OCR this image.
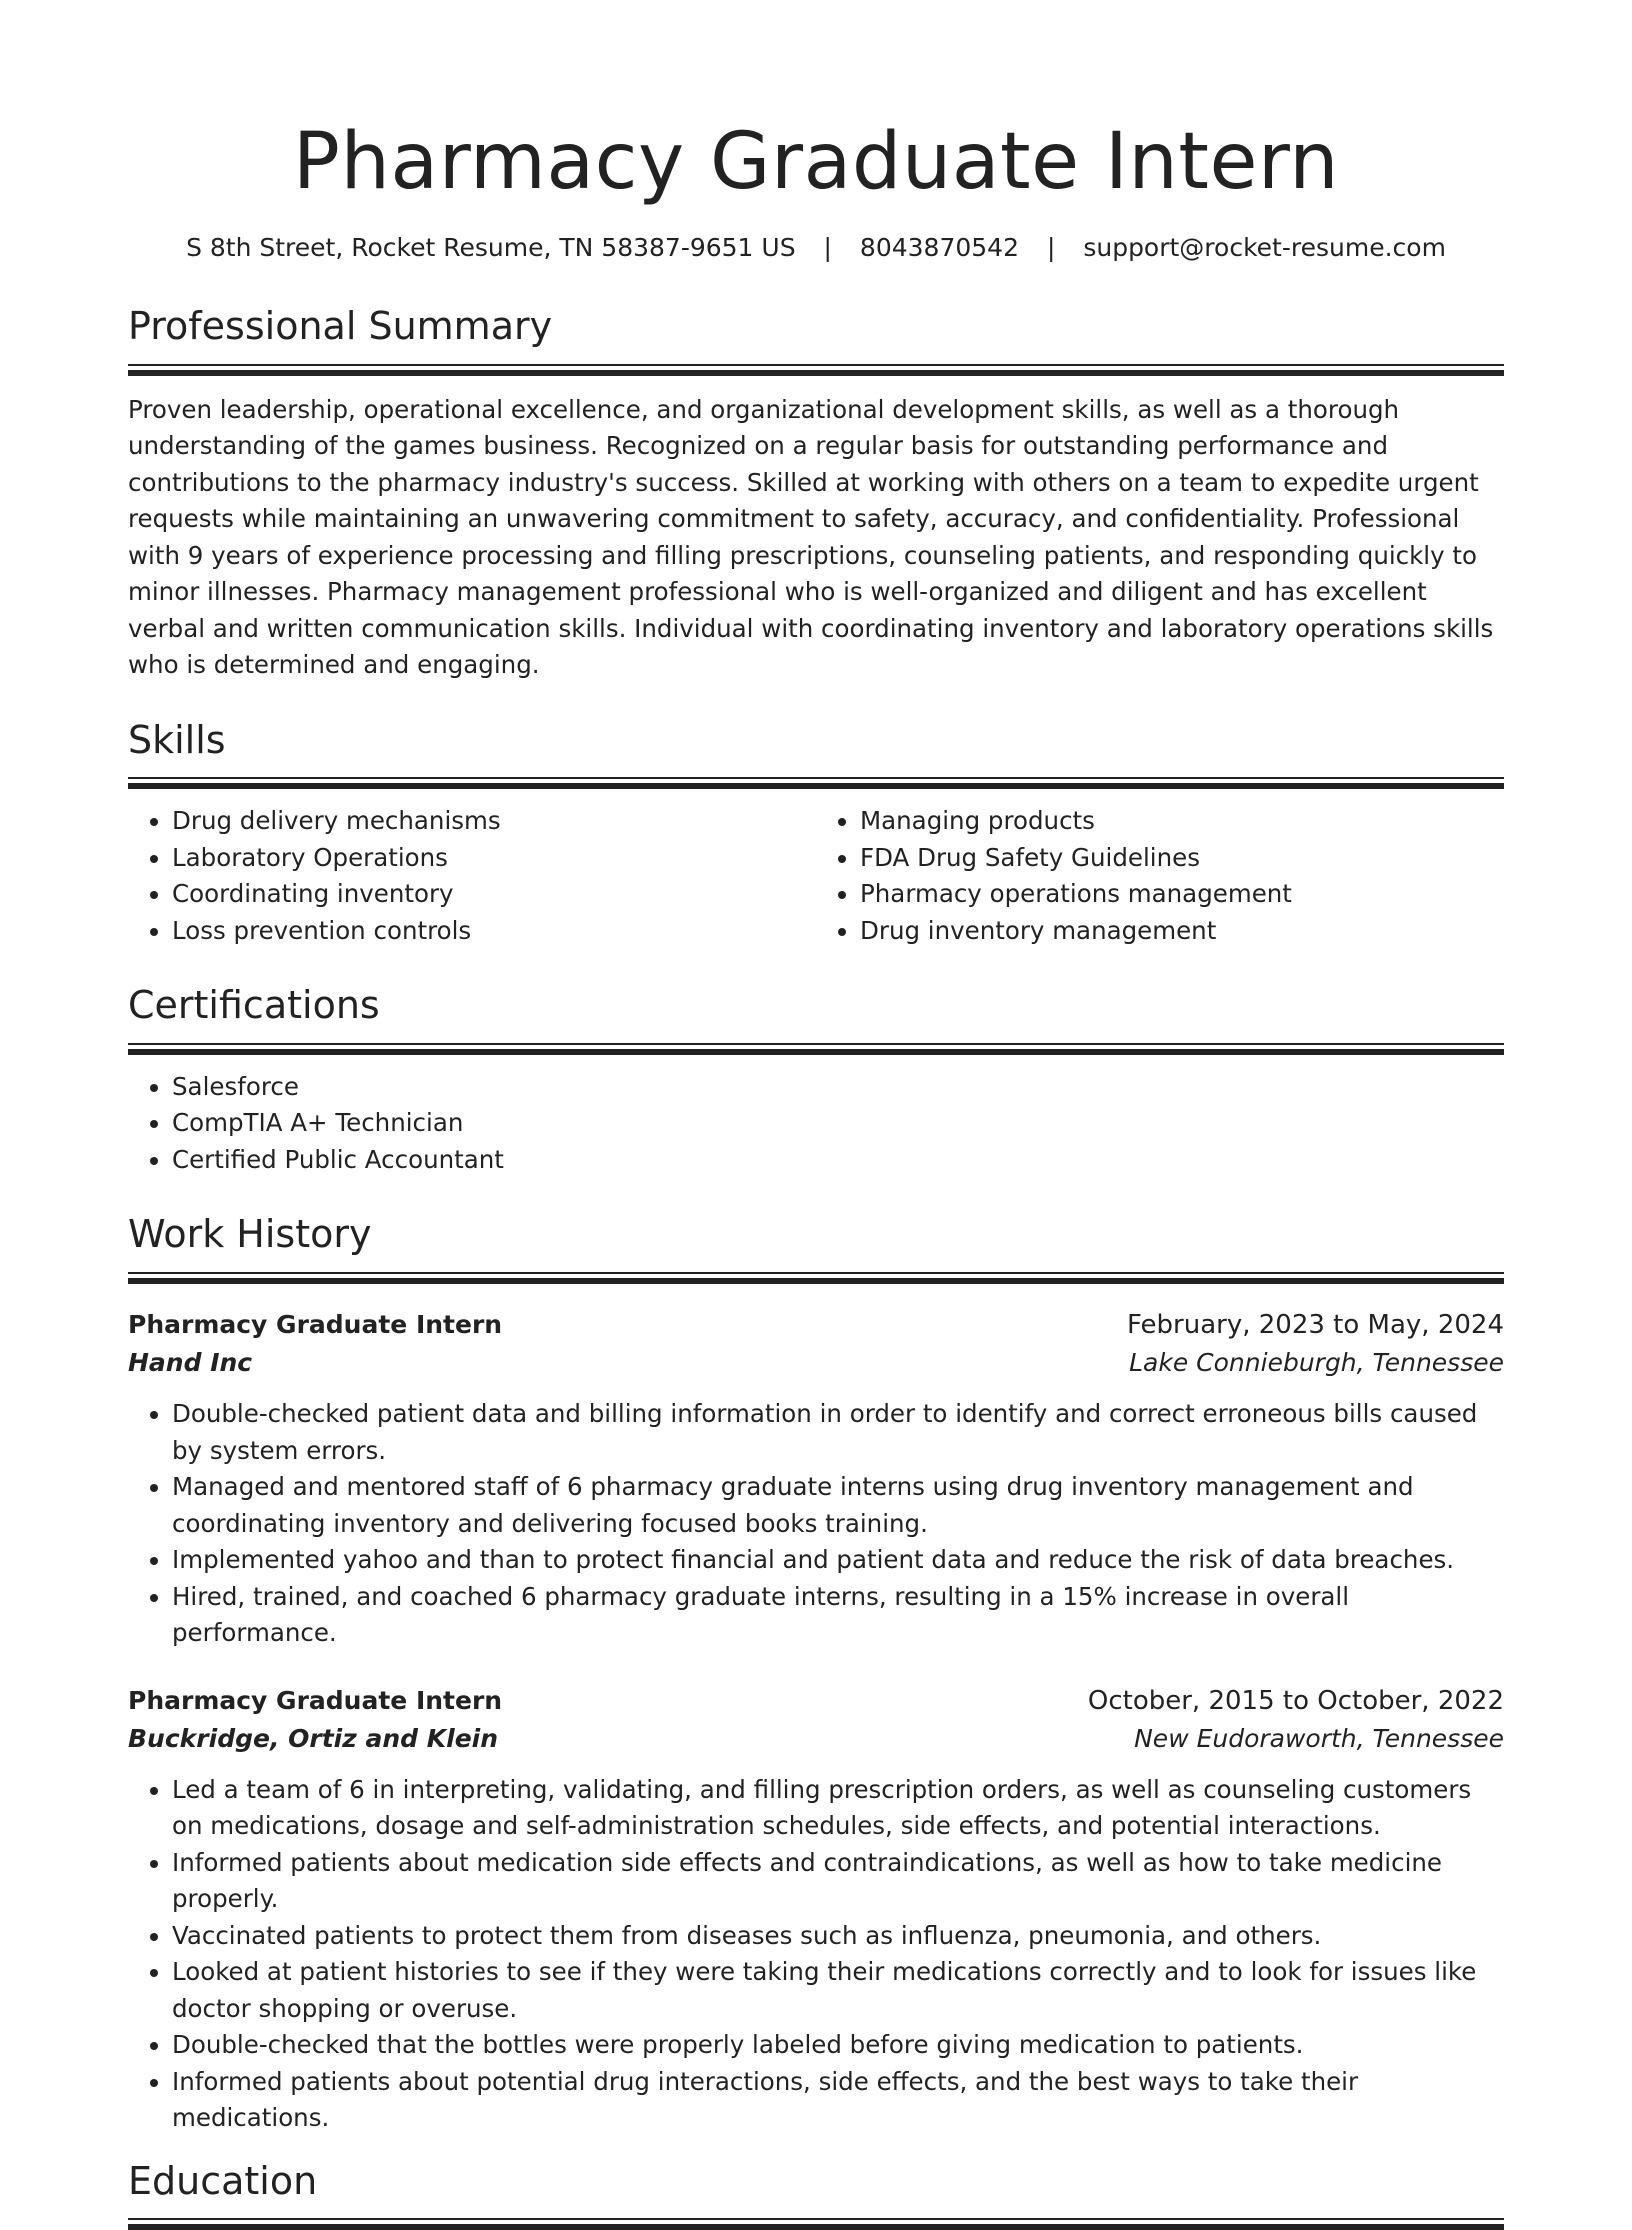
Pharmacy Graduate Intern
S 8th Street, Rocket Resume, TN 58387-9651 US | 8043870542 | support@rocket-resume.com
Professional Summary
Proven leadership, operational excellence, and organizational development skills, as well as a thorough understanding of the games business. Recognized on a regular basis for outstanding performance and contributions to the pharmacy industry's success. Skilled at working with others on a team to expedite urgent requests while maintaining an unwavering commitment to safety, accuracy, and confidentiality. Professional with 9 years of experience processing and filling prescriptions, counseling patients, and responding quickly to minor illnesses. Pharmacy management professional who is well-organized and diligent and has excellent verbal and written communication skills. Individual with coordinating inventory and laboratory operations skills who is determined and engaging.
Skills
• Drug delivery mechanisms
• Laboratory Operations
• Coordinating inventory
• Loss prevention controls
• Managing products
• FDA Drug Safety Guidelines
• Pharmacy operations management
• Drug inventory management
Certifications
• Salesforce
• CompTIA A+ Technician
• Certified Public Accountant
Work History
Pharmacy Graduate Intern	February, 2023 to May, 2024
Hand Inc	Lake Connieburgh, Tennessee
• Double-checked patient data and billing information in order to identify and correct erroneous bills caused by system errors.
• Managed and mentored staff of 6 pharmacy graduate interns using drug inventory management and coordinating inventory and delivering focused books training.
• Implemented yahoo and than to protect financial and patient data and reduce the risk of data breaches.
• Hired, trained, and coached 6 pharmacy graduate interns, resulting in a 15% increase in overall performance.
Pharmacy Graduate Intern	October, 2015 to October, 2022
Buckridge, Ortiz and Klein	New Eudoraworth, Tennessee
• Led a team of 6 in interpreting, validating, and filling prescription orders, as well as counseling customers on medications, dosage and self-administration schedules, side effects, and potential interactions.
• Informed patients about medication side effects and contraindications, as well as how to take medicine properly.
• Vaccinated patients to protect them from diseases such as influenza, pneumonia, and others.
• Looked at patient histories to see if they were taking their medications correctly and to look for issues like doctor shopping or overuse.
• Double-checked that the bottles were properly labeled before giving medication to patients.
• Informed patients about potential drug interactions, side effects, and the best ways to take their medications.
Education
